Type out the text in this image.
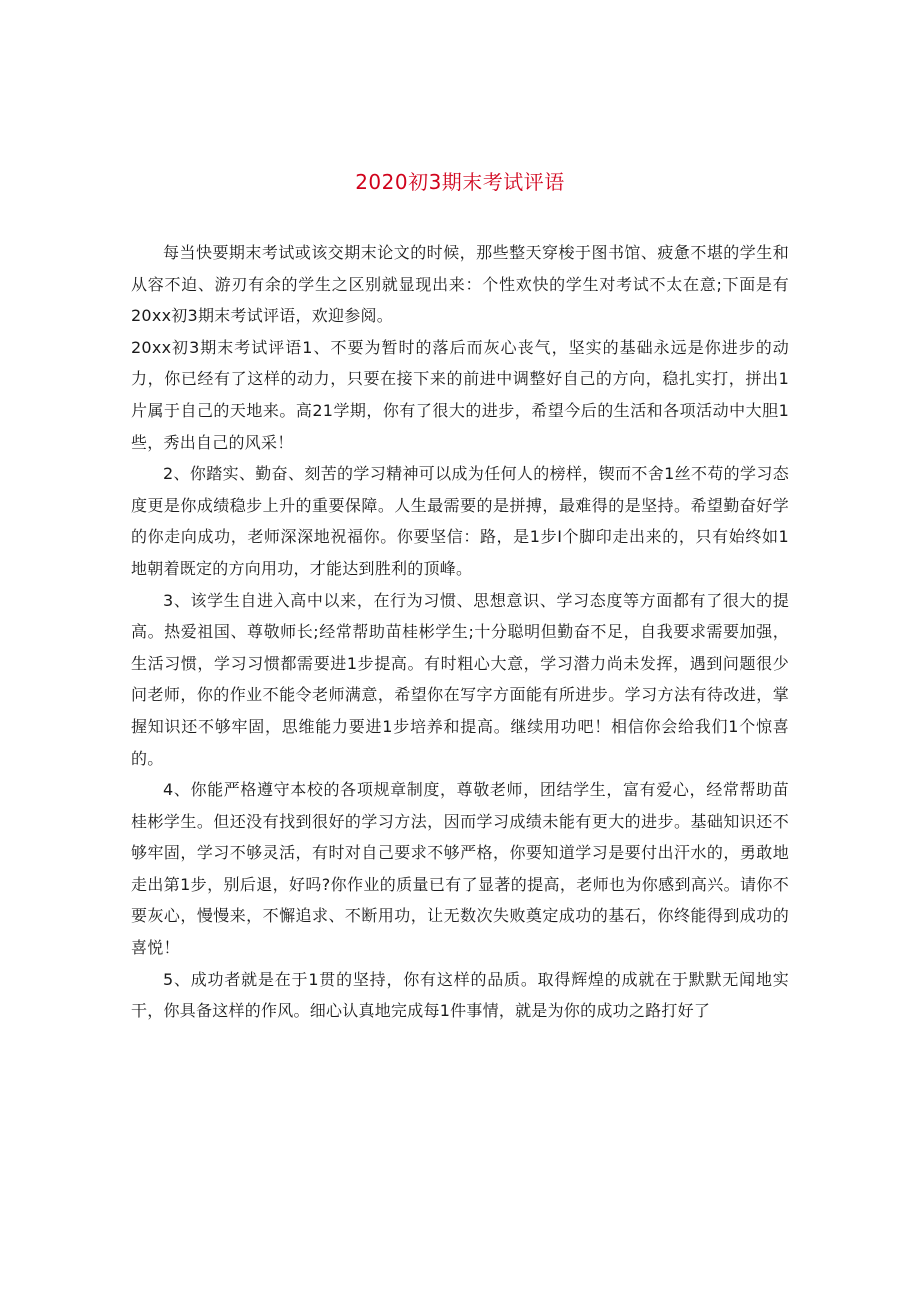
2020初3期末考试评语

每当快要期末考试或该交期末论文的时候，那些整天穿梭于图书馆、疲惫不堪的学生和从容不迫、游刃有余的学生之区别就显现出来：个性欢快的学生对考试不太在意;下面是有20xx初3期末考试评语，欢迎参阅。

20xx初3期末考试评语1、不要为暂时的落后而灰心丧气，坚实的基础永远是你进步的动力，你已经有了这样的动力，只要在接下来的前进中调整好自己的方向，稳扎实打，拼出1片属于自己的天地来。高21学期，你有了很大的进步，希望今后的生活和各项活动中大胆1些，秀出自己的风采！

2、你踏实、勤奋、刻苦的学习精神可以成为任何人的榜样，锲而不舍1丝不苟的学习态度更是你成绩稳步上升的重要保障。人生最需要的是拼搏，最难得的是坚持。希望勤奋好学的你走向成功，老师深深地祝福你。你要坚信：路，是1步I个脚印走出来的，只有始终如1地朝着既定的方向用功，才能达到胜利的顶峰。

3、该学生自进入高中以来，在行为习惯、思想意识、学习态度等方面都有了很大的提高。热爱祖国、尊敬师长;经常帮助苗桂彬学生;十分聪明但勤奋不足，自我要求需要加强，生活习惯，学习习惯都需要进1步提高。有时粗心大意，学习潜力尚未发挥，遇到问题很少问老师，你的作业不能令老师满意，希望你在写字方面能有所进步。学习方法有待改进，掌握知识还不够牢固，思维能力要进1步培养和提高。继续用功吧！相信你会给我们1个惊喜的。

4、你能严格遵守本校的各项规章制度，尊敬老师，团结学生，富有爱心，经常帮助苗桂彬学生。但还没有找到很好的学习方法，因而学习成绩未能有更大的进步。基础知识还不够牢固，学习不够灵活，有时对自己要求不够严格，你要知道学习是要付出汗水的，勇敢地走出第1步，别后退，好吗?你作业的质量已有了显著的提高，老师也为你感到高兴。请你不要灰心，慢慢来，不懈追求、不断用功，让无数次失败奠定成功的基石，你终能得到成功的喜悦！

5、成功者就是在于1贯的坚持，你有这样的品质。取得辉煌的成就在于默默无闻地实干，你具备这样的作风。细心认真地完成每1件事情，就是为你的成功之路打好了
